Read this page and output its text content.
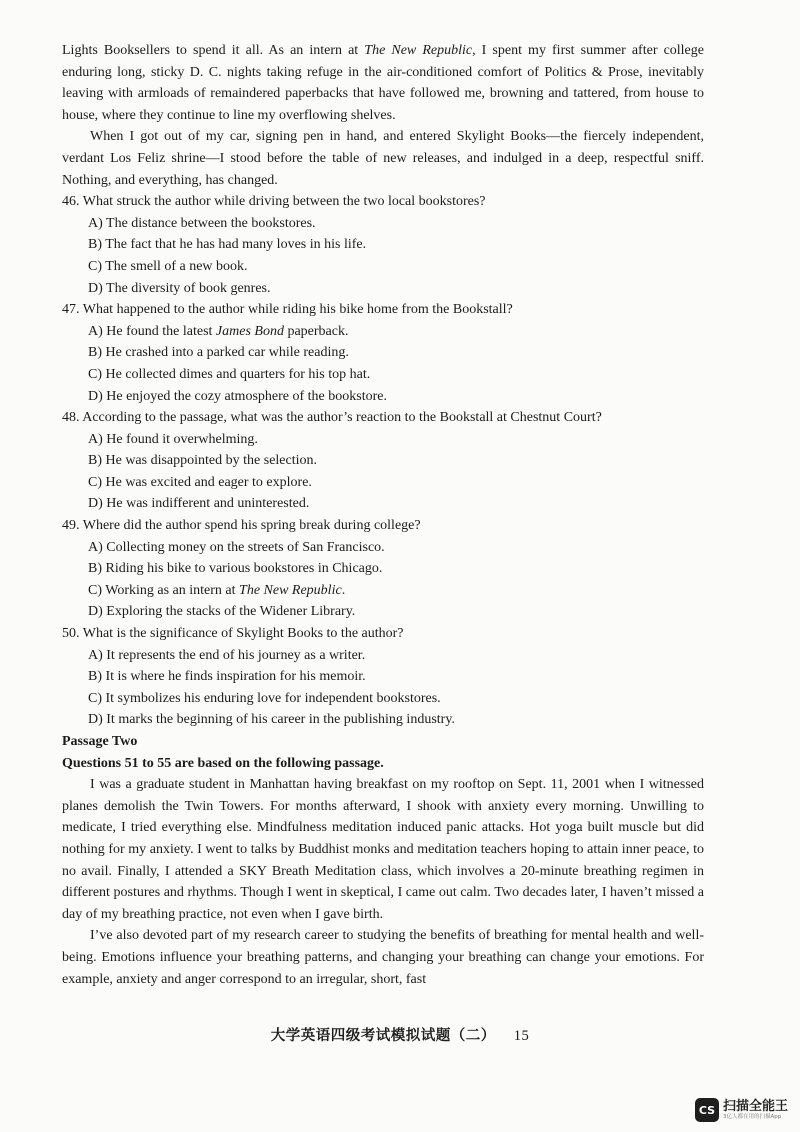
Lights Booksellers to spend it all. As an intern at The New Republic, I spent my first summer after college enduring long, sticky D. C. nights taking refuge in the air-conditioned comfort of Politics & Prose, inevitably leaving with armloads of remaindered paperbacks that have followed me, browning and tattered, from house to house, where they continue to line my overflowing shelves.

When I got out of my car, signing pen in hand, and entered Skylight Books—the fiercely independent, verdant Los Feliz shrine—I stood before the table of new releases, and indulged in a deep, respectful sniff. Nothing, and everything, has changed.

46. What struck the author while driving between the two local bookstores?

A) The distance between the bookstores.

B) The fact that he has had many loves in his life.

C) The smell of a new book.

D) The diversity of book genres.

47. What happened to the author while riding his bike home from the Bookstall?

A) He found the latest James Bond paperback.

B) He crashed into a parked car while reading.

C) He collected dimes and quarters for his top hat.

D) He enjoyed the cozy atmosphere of the bookstore.

48. According to the passage, what was the author’s reaction to the Bookstall at Chestnut Court?

A) He found it overwhelming.

B) He was disappointed by the selection.

C) He was excited and eager to explore.

D) He was indifferent and uninterested.

49. Where did the author spend his spring break during college?

A) Collecting money on the streets of San Francisco.

B) Riding his bike to various bookstores in Chicago.

C) Working as an intern at The New Republic.

D) Exploring the stacks of the Widener Library.

50. What is the significance of Skylight Books to the author?

A) It represents the end of his journey as a writer.

B) It is where he finds inspiration for his memoir.

C) It symbolizes his enduring love for independent bookstores.

D) It marks the beginning of his career in the publishing industry.

Passage Two

Questions 51 to 55 are based on the following passage.

I was a graduate student in Manhattan having breakfast on my rooftop on Sept. 11, 2001 when I witnessed planes demolish the Twin Towers. For months afterward, I shook with anxiety every morning. Unwilling to medicate, I tried everything else. Mindfulness meditation induced panic attacks. Hot yoga built muscle but did nothing for my anxiety. I went to talks by Buddhist monks and meditation teachers hoping to attain inner peace, to no avail. Finally, I attended a SKY Breath Meditation class, which involves a 20-minute breathing regimen in different postures and rhythms. Though I went in skeptical, I came out calm. Two decades later, I haven’t missed a day of my breathing practice, not even when I gave birth.

I’ve also devoted part of my research career to studying the benefits of breathing for mental health and well-being. Emotions influence your breathing patterns, and changing your breathing can change your emotions. For example, anxiety and anger correspond to an irregular, short, fast

大学英语四级考试模拟试题（二） 15
CS 扫描全能王
3亿人都在用的扫描App
